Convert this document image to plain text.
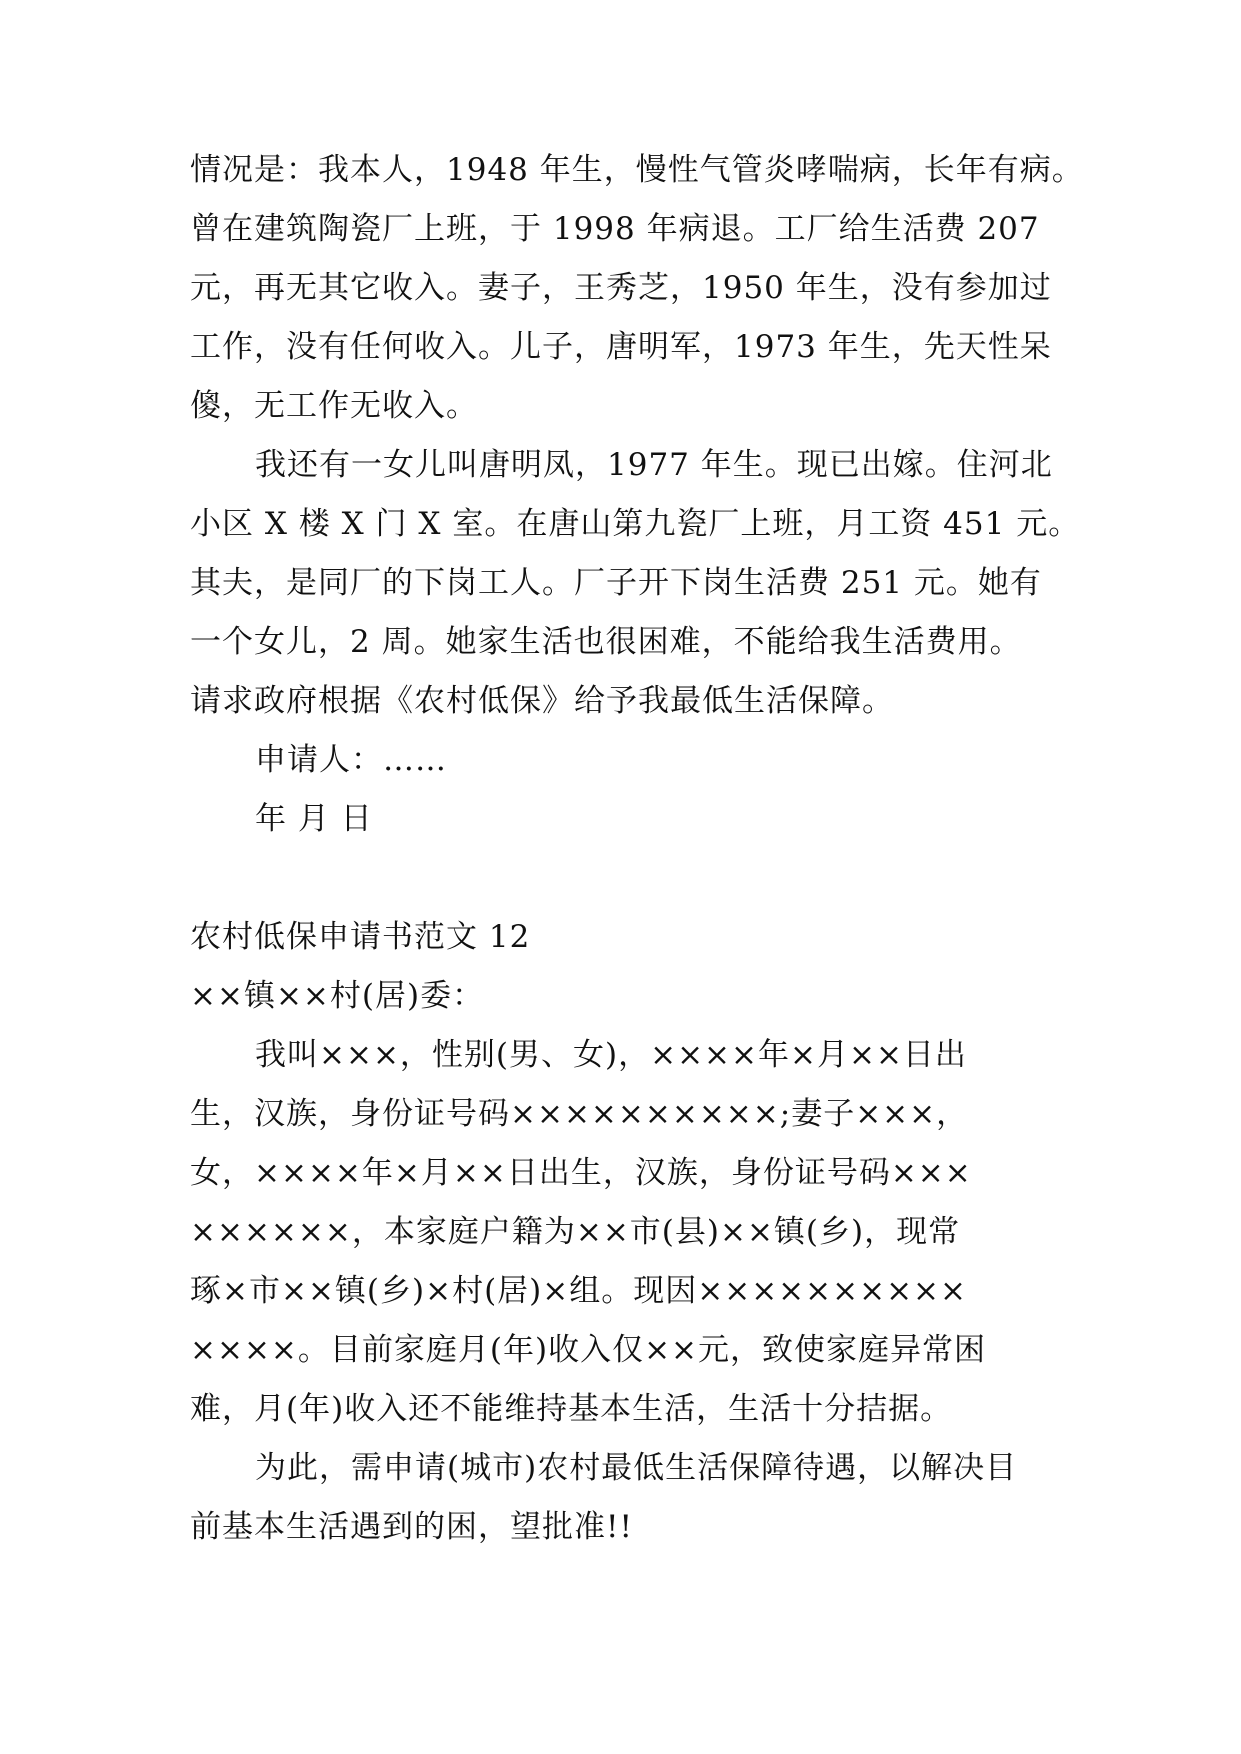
情况是：我本人，1948 年生，慢性气管炎哮喘病，长年有病。
曾在建筑陶瓷厂上班，于 1998 年病退。工厂给生活费 207
元，再无其它收入。妻子，王秀芝，1950 年生，没有参加过
工作，没有任何收入。儿子，唐明军，1973 年生，先天性呆
傻，无工作无收入。
我还有一女儿叫唐明凤，1977 年生。现已出嫁。住河北
小区 X 楼 X 门 X 室。在唐山第九瓷厂上班，月工资 451 元。
其夫，是同厂的下岗工人。厂子开下岗生活费 251 元。她有
一个女儿，2 周。她家生活也很困难，不能给我生活费用。
请求政府根据《农村低保》给予我最低生活保障。
申请人：……
年 月 日
农村低保申请书范文 12
××镇××村(居)委：
我叫×××，性别(男、女)，××××年×月××日出
生，汉族，身份证号码××××××××××;妻子×××，
女，××××年×月××日出生，汉族，身份证号码×××
××××××，本家庭户籍为××市(县)××镇(乡)，现常
琢×市××镇(乡)×村(居)×组。现因××××××××××
××××。目前家庭月(年)收入仅××元，致使家庭异常困
难，月(年)收入还不能维持基本生活，生活十分拮据。
为此，需申请(城市)农村最低生活保障待遇，以解决目
前基本生活遇到的困，望批准!!
